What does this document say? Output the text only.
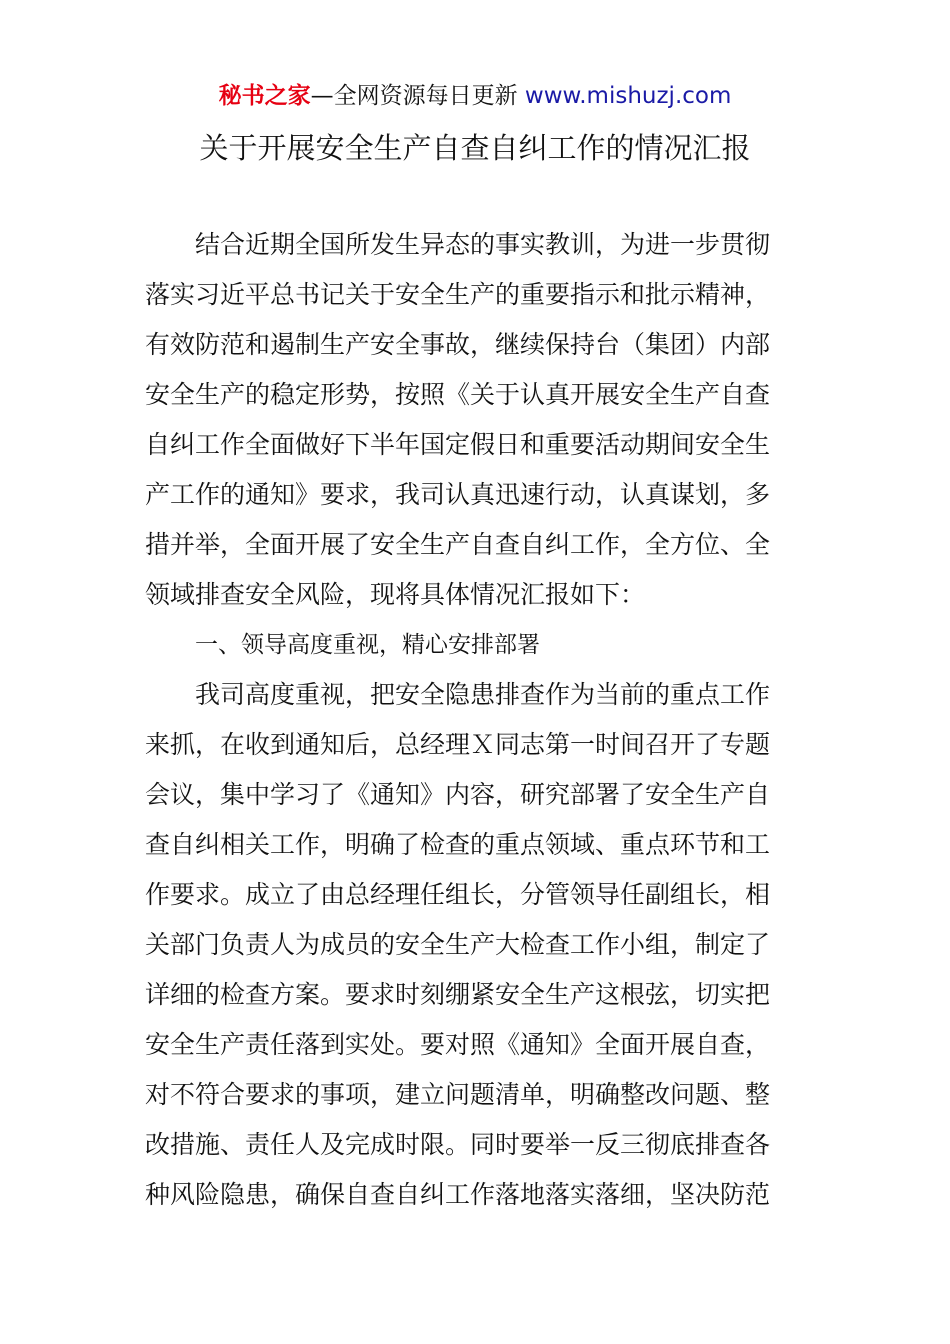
秘书之家—全网资源每日更新 www.mishuzj.com
关于开展安全生产自查自纠工作的情况汇报
结合近期全国所发生异态的事实教训，为进一步贯彻
落实习近平总书记关于安全生产的重要指示和批示精神，
有效防范和遏制生产安全事故，继续保持台（集团）内部
安全生产的稳定形势，按照《关于认真开展安全生产自查
自纠工作全面做好下半年国定假日和重要活动期间安全生
产工作的通知》要求，我司认真迅速行动，认真谋划，多
措并举，全面开展了安全生产自查自纠工作，全方位、全
领域排查安全风险，现将具体情况汇报如下：
一、领导高度重视，精心安排部署
我司高度重视，把安全隐患排查作为当前的重点工作
来抓，在收到通知后，总经理Ｘ同志第一时间召开了专题
会议，集中学习了《通知》内容，研究部署了安全生产自
查自纠相关工作，明确了检查的重点领域、重点环节和工
作要求。成立了由总经理任组长，分管领导任副组长，相
关部门负责人为成员的安全生产大检查工作小组，制定了
详细的检查方案。要求时刻绷紧安全生产这根弦，切实把
安全生产责任落到实处。要对照《通知》全面开展自查，
对不符合要求的事项，建立问题清单，明确整改问题、整
改措施、责任人及完成时限。同时要举一反三彻底排查各
种风险隐患，确保自查自纠工作落地落实落细，坚决防范
